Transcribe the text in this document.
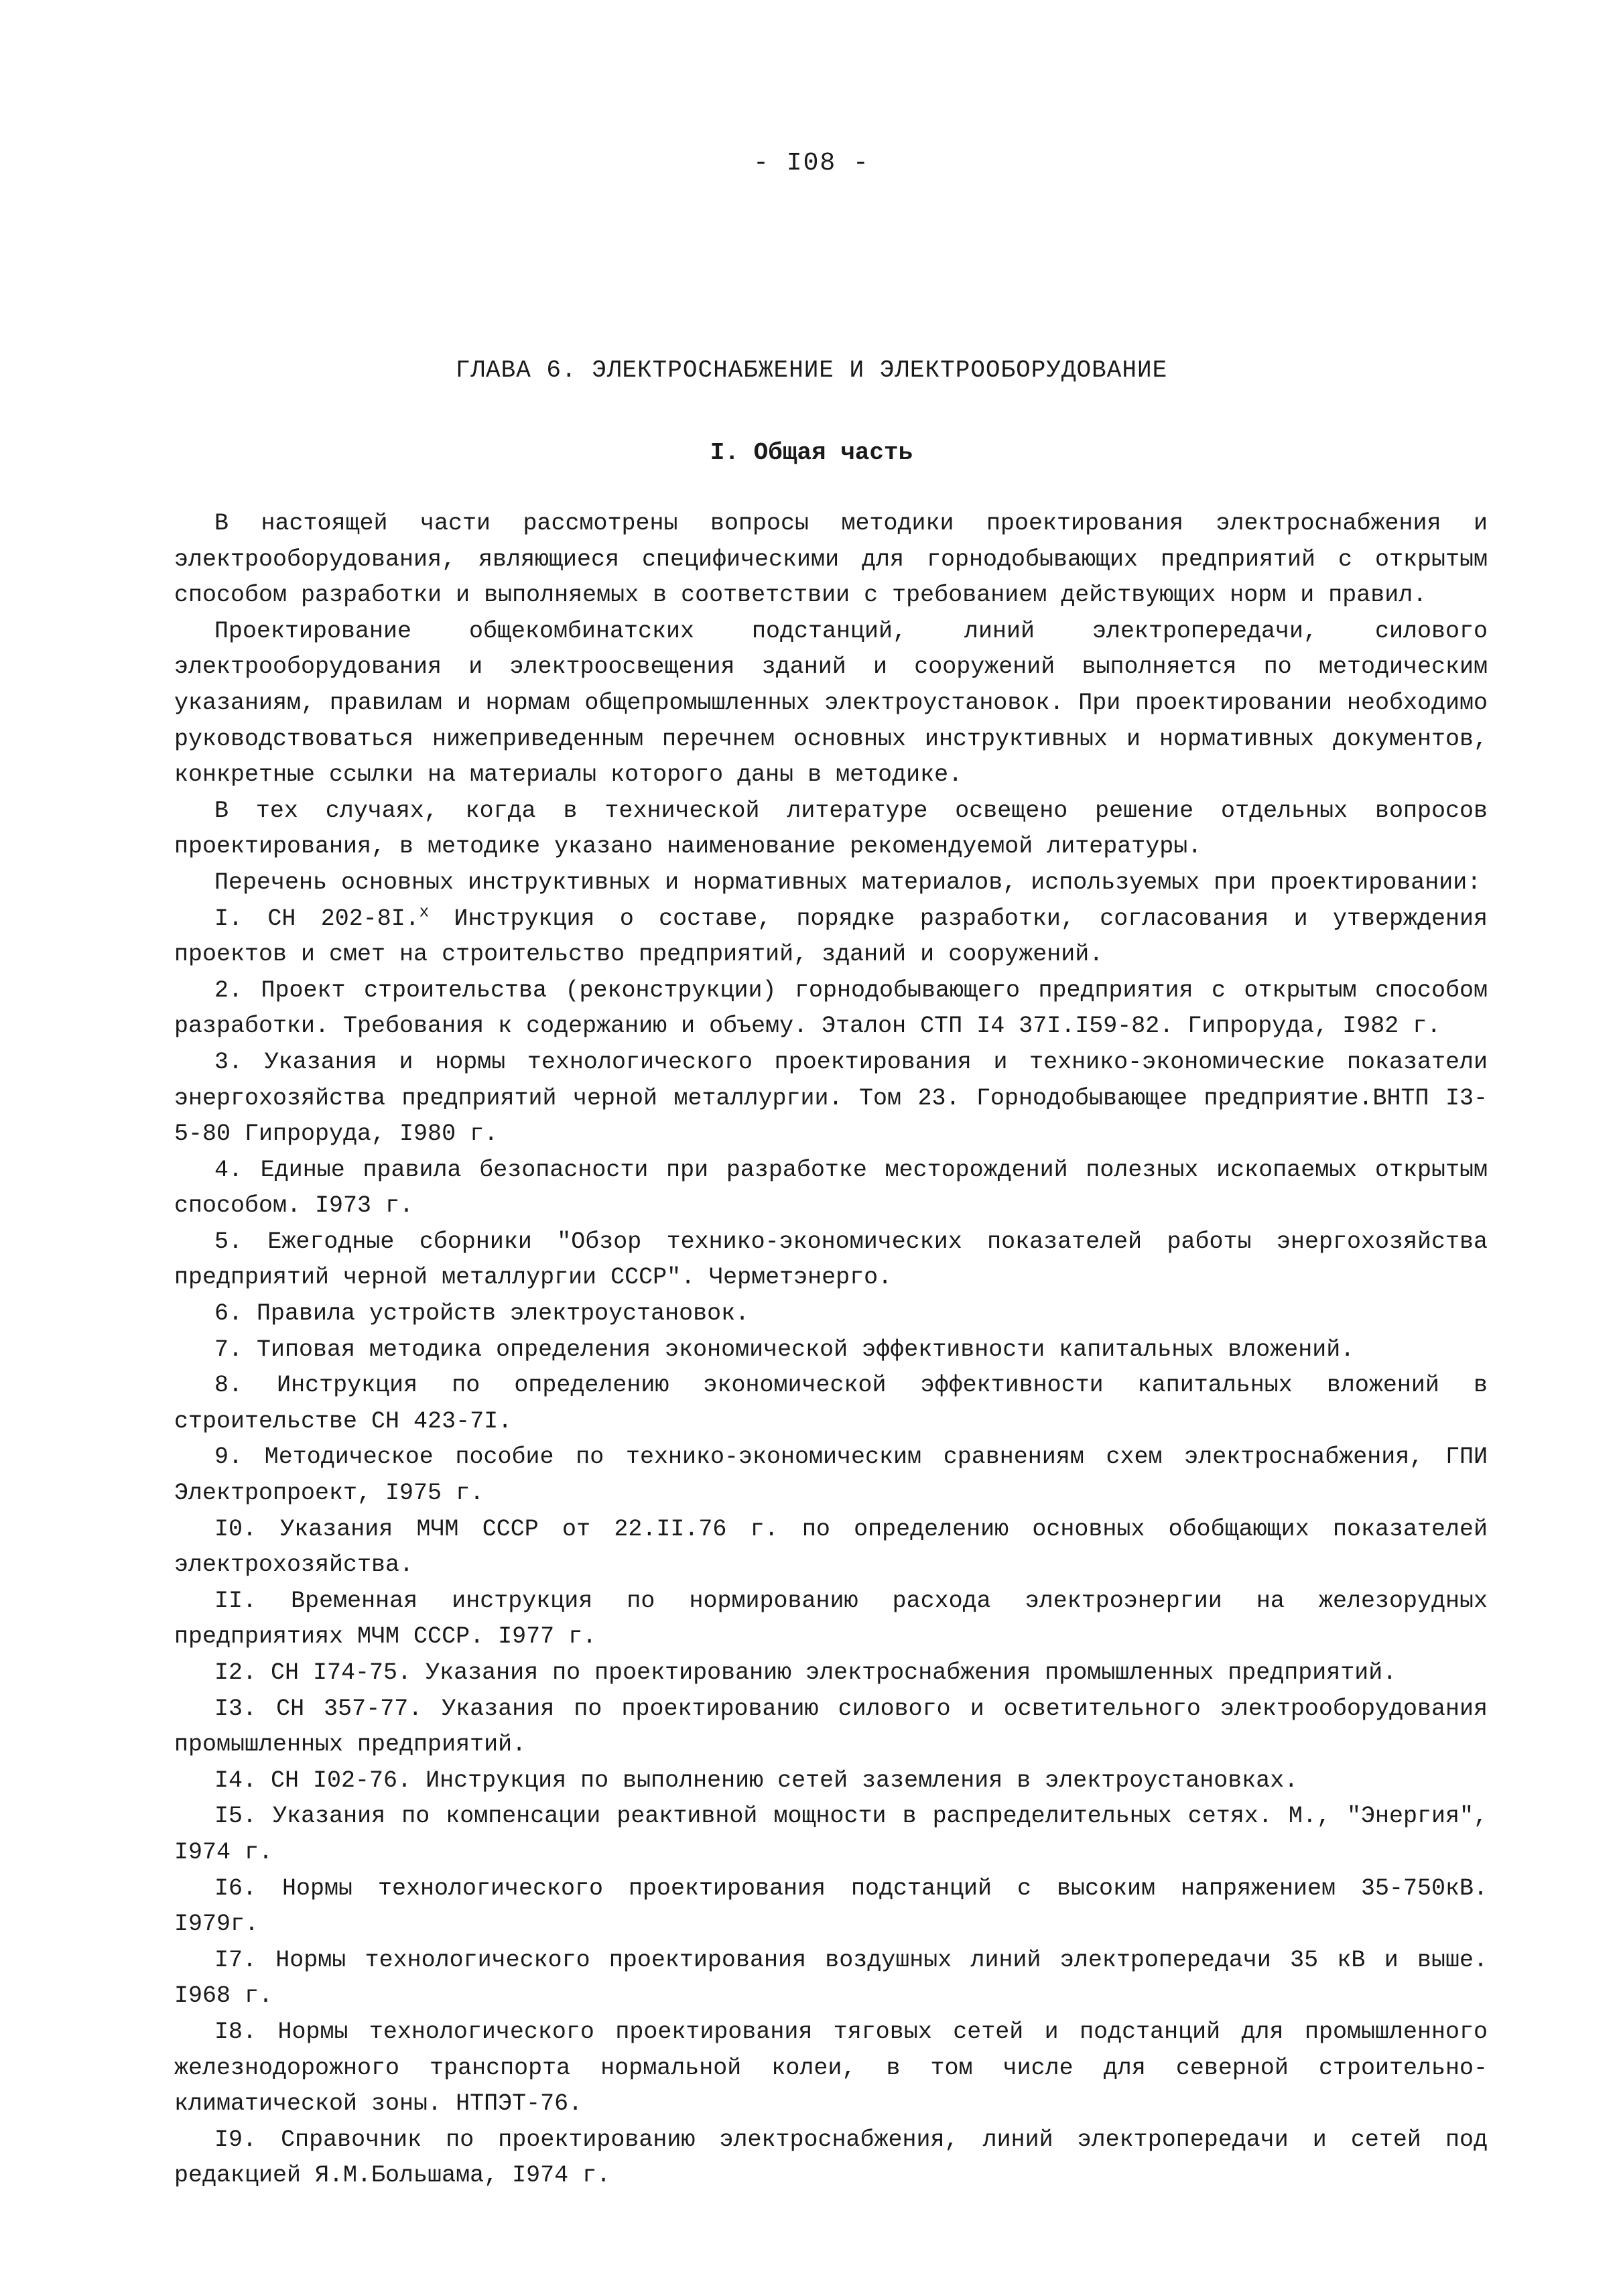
- I08 -
ГЛАВА 6. ЭЛЕКТРОСНАБЖЕНИЕ И ЭЛЕКТРООБОРУДОВАНИЕ
I. Общая часть

В настоящей части рассмотрены вопросы методики проектирования электроснабжения и электрооборудования, являющиеся специфическими для горнодобывающих предприятий с открытым способом разработки и выполняемых в соответствии с требованием действующих норм и правил.

Проектирование общекомбинатских подстанций, линий электропередачи, силового электрооборудования и электроосвещения зданий и сооружений выполняется по методическим указаниям, правилам и нормам общепромышленных электроустановок. При проектировании необходимо руководствоваться нижеприведенным перечнем основных инструктивных и нормативных документов, конкретные ссылки на материалы которого даны в методике.

В тех случаях, когда в технической литературе освещено решение отдельных вопросов проектирования, в методике указано наименование рекомендуемой литературы.

Перечень основных инструктивных и нормативных материалов, используемых при проектировании:

I. СН 202-8I.$^x$ Инструкция о составе, порядке разработки, согласования и утверждения проектов и смет на строительство предприятий, зданий и сооружений.
2. Проект строительства (реконструкции) горнодобывающего предприятия с открытым способом разработки. Требования к содержанию и объему. Эталон СТП I4 37I.I59-82. Гипроруда, I982 г.
3. Указания и нормы технологического проектирования и технико-экономические показатели энергохозяйства предприятий черной металлургии. Том 23. Горнодобывающее предприятие.ВНТП I3-5-80 Гипроруда, I980 г.
4. Единые правила безопасности при разработке месторождений полезных ископаемых открытым способом. I973 г.
5. Ежегодные сборники "Обзор технико-экономических показателей работы энергохозяйства предприятий черной металлургии СССР". Черметэнерго.
6. Правила устройств электроустановок.
7. Типовая методика определения экономической эффективности капитальных вложений.
8. Инструкция по определению экономической эффективности капитальных вложений в строительстве СН 423-7I.
9. Методическое пособие по технико-экономическим сравнениям схем электроснабжения, ГПИ Электропроект, I975 г.
I0. Указания МЧМ СССР от 22.II.76 г. по определению основных обобщающих показателей электрохозяйства.
II. Временная инструкция по нормированию расхода электроэнергии на железорудных предприятиях МЧМ СССР. I977 г.
I2. СН I74-75. Указания по проектированию электроснабжения промышленных предприятий.
I3. СН 357-77. Указания по проектированию силового и осветительного электрооборудования промышленных предприятий.
I4. СН I02-76. Инструкция по выполнению сетей заземления в электроустановках.
I5. Указания по компенсации реактивной мощности в распределительных сетях. М., "Энергия", I974 г.
I6. Нормы технологического проектирования подстанций с высоким напряжением 35-750кВ. I979г.
I7. Нормы технологического проектирования воздушных линий электропередачи 35 кВ и выше. I968 г.
I8. Нормы технологического проектирования тяговых сетей и подстанций для промышленного железнодорожного транспорта нормальной колеи, в том числе для северной строительно-климатической зоны. НТПЭТ-76.
I9. Справочник по проектированию электроснабжения, линий электропередачи и сетей под редакцией Я.М.Большама, I974 г.
